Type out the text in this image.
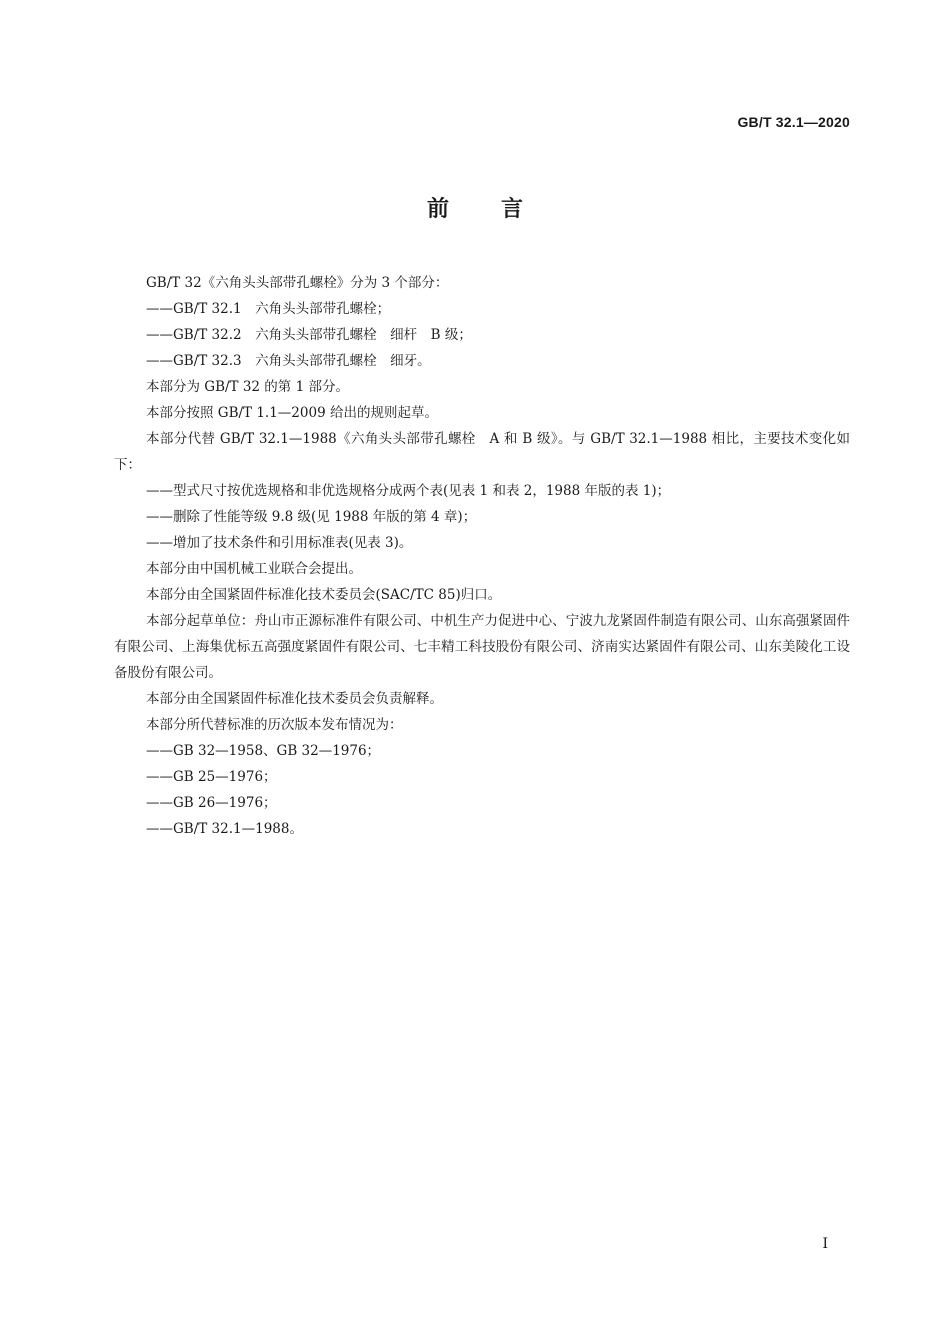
GB/T 32.1—2020
前言

GB/T 32《六角头头部带孔螺栓》分为 3 个部分：

——GB/T 32.1　六角头头部带孔螺栓；

——GB/T 32.2　六角头头部带孔螺栓　细杆　B 级；

——GB/T 32.3　六角头头部带孔螺栓　细牙。

本部分为 GB/T 32 的第 1 部分。

本部分按照 GB/T 1.1—2009 给出的规则起草。

本部分代替 GB/T 32.1—1988《六角头头部带孔螺栓　A 和 B 级》。与 GB/T 32.1—1988 相比，主要技术变化如下：

——型式尺寸按优选规格和非优选规格分成两个表(见表 1 和表 2，1988 年版的表 1)；

——删除了性能等级 9.8 级(见 1988 年版的第 4 章)；

——增加了技术条件和引用标准表(见表 3)。

本部分由中国机械工业联合会提出。

本部分由全国紧固件标准化技术委员会(SAC/TC 85)归口。

本部分起草单位：舟山市正源标准件有限公司、中机生产力促进中心、宁波九龙紧固件制造有限公司、山东高强紧固件有限公司、上海集优标五高强度紧固件有限公司、七丰精工科技股份有限公司、济南实达紧固件有限公司、山东美陵化工设备股份有限公司。

本部分由全国紧固件标准化技术委员会负责解释。

本部分所代替标准的历次版本发布情况为：

——GB 32—1958、GB 32—1976；

——GB 25—1976；

——GB 26—1976；

——GB/T 32.1—1988。

I
